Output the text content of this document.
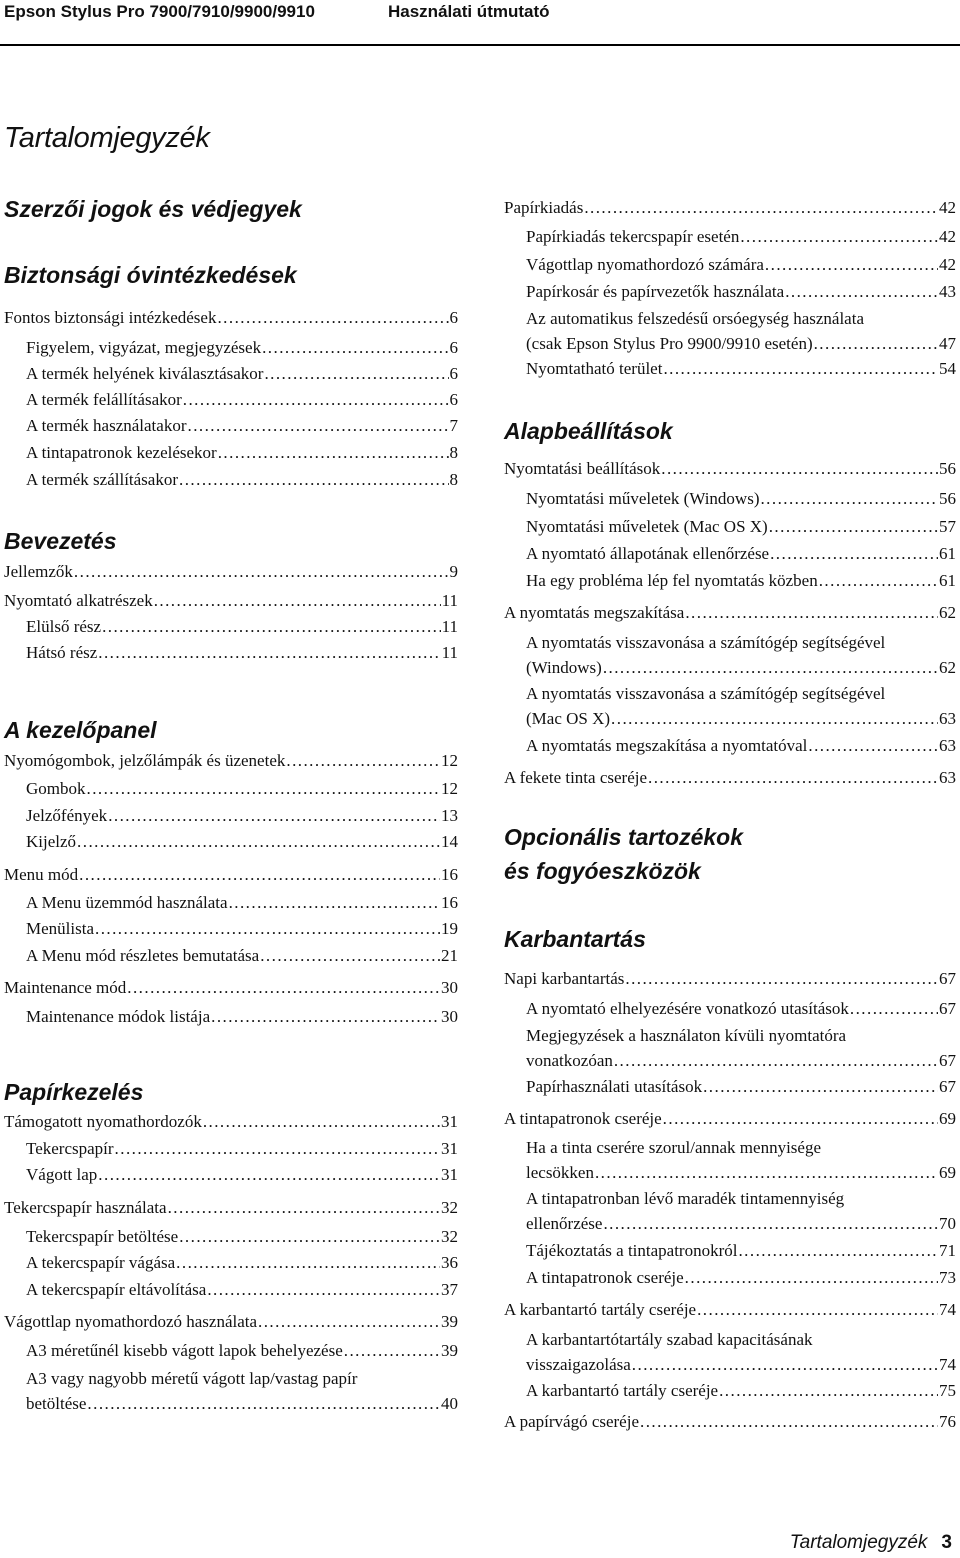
Epson Stylus Pro 7900/7910/9900/9910	Használati útmutató
Tartalomjegyzék
Szerzői jogok és védjegyek
Biztonsági óvintézkedések
Bevezetés
A kezelőpanel
Papírkezelés
Fontos biztonsági intézkedések . . .	6
Figyelem, vigyázat, megjegyzések . . .	6
A termék helyének kiválasztásakor . . .	6
A termék felállításakor . . .	6
A termék használatakor . . .	7
A tintapatronok kezelésekor . . .	8
A termék szállításakor . . .	8
Jellemzők . . .	9
Nyomtató alkatrészek . . .	11
Elülső rész . . .	11
Hátsó rész . . .	11
Nyomógombok, jelzőlámpák és üzenetek . . .	12
Gombok . . .	12
Jelzőfények . . .	13
Kijelző . . .	14
Menu mód . . .	16
A Menu üzemmód használata . . .	16
Menülista . . .	19
A Menu mód részletes bemutatása . . .	21
Maintenance mód . . .	30
Maintenance módok listája . . .	30
Támogatott nyomathordozók . . .	31
Tekercspapír . . .	31
Vágott lap . . .	31
Tekercspapír használata . . .	32
Tekercspapír betöltése . . .	32
A tekercspapír vágása . . .	36
A tekercspapír eltávolítása . . .	37
Vágottlap nyomathordozó használata . . .	39
A3 méretűnél kisebb vágott lapok behelyezése . . .	39
A3 vagy nagyobb méretű vágott lap/vastag papír
betöltése . . .	40
Alapbeállítások
Opcionális tartozékok
és fogyóeszközök
Karbantartás
Papírkiadás . . .	42
Papírkiadás tekercspapír esetén . . .	42
Vágottlap nyomathordozó számára . . .	42
Papírkosár és papírvezetők használata . . .	43
Az automatikus felszedésű orsóegység használata
(csak Epson Stylus Pro 9900/9910 esetén) . . .	47
Nyomtatható terület . . .	54
Nyomtatási beállítások . . .	56
Nyomtatási műveletek (Windows) . . .	56
Nyomtatási műveletek (Mac OS X) . . .	57
A nyomtató állapotának ellenőrzése . . .	61
Ha egy probléma lép fel nyomtatás közben . . .	61
A nyomtatás megszakítása . . .	62
A nyomtatás visszavonása a számítógép segítségével
(Windows) . . .	62
A nyomtatás visszavonása a számítógép segítségével
(Mac OS X) . . .	63
A nyomtatás megszakítása a nyomtatóval . . .	63
A fekete tinta cseréje . . .	63
Napi karbantartás . . .	67
A nyomtató elhelyezésére vonatkozó utasítások . . .	67
Megjegyzések a használaton kívüli nyomtatóra
vonatkozóan . . .	67
Papírhasználati utasítások . . .	67
A tintapatronok cseréje . . .	69
Ha a tinta cserére szorul/annak mennyisége
lecsökken . . .	69
A tintapatronban lévő maradék tintamennyiség
ellenőrzése . . .	70
Tájékoztatás a tintapatronokról . . .	71
A tintapatronok cseréje . . .	73
A karbantartó tartály cseréje . . .	74
A karbantartótartály szabad kapacitásának
visszaigazolása . . .	74
A karbantartó tartály cseréje . . .	75
A papírvágó cseréje . . .	76
Tartalomjegyzék 3
